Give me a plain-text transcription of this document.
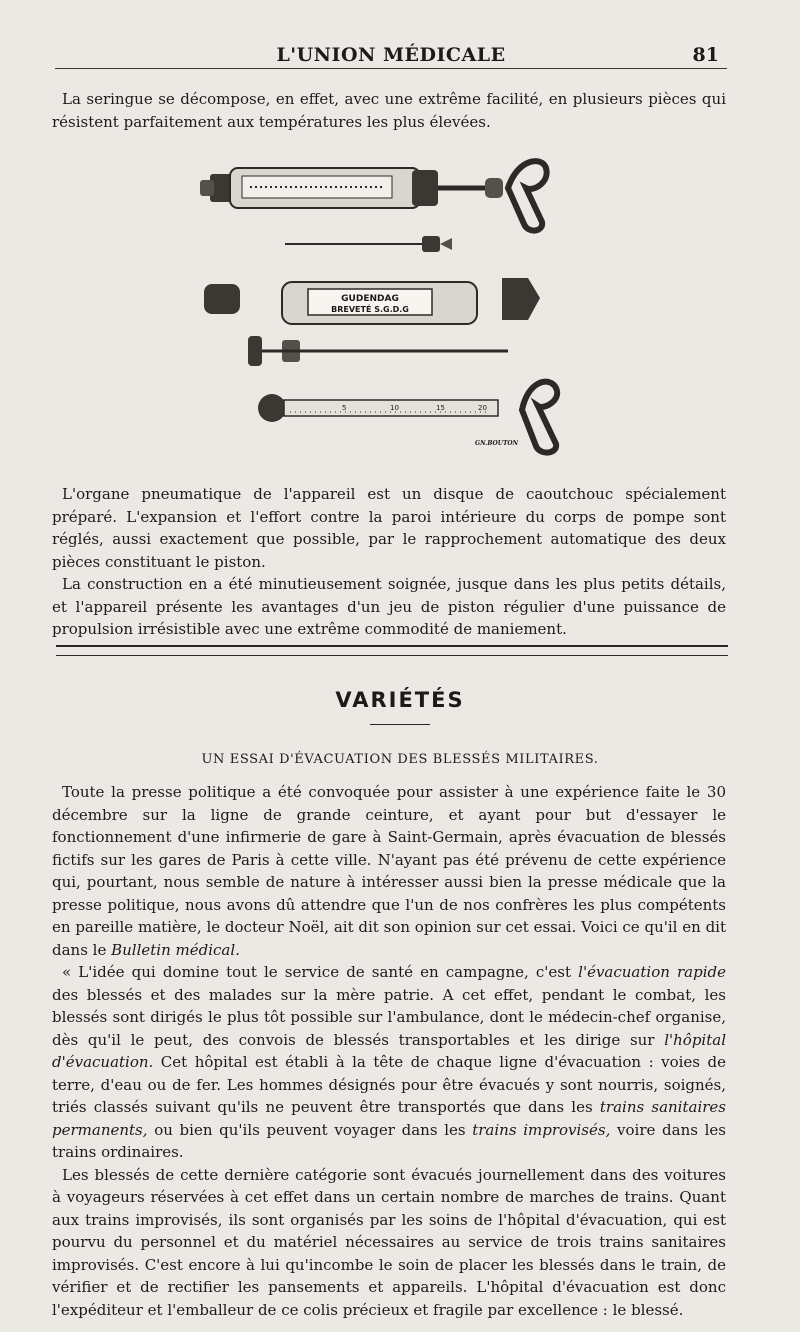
L'UNION MÉDICALE	81

La seringue se décompose, en effet, avec une extrême facilité, en plusieurs pièces qui résistent parfaitement aux températures les plus élevées.

GUDENDAG
BREVETÉ S.G.D.G
5	10	15	20
GN.BOUTON

L'organe pneumatique de l'appareil est un disque de caoutchouc spécialement préparé. L'expansion et l'effort contre la paroi intérieure du corps de pompe sont réglés, aussi exactement que possible, par le rapprochement automatique des deux pièces constituant le piston.

La construction en a été minutieusement soignée, jusque dans les plus petits détails, et l'appareil présente les avantages d'un jeu de piston régulier d'une puissance de propulsion irrésistible avec une extrême commodité de maniement.

VARIÉTÉS
UN ESSAI D'ÉVACUATION DES BLESSÉS MILITAIRES.

Toute la presse politique a été convoquée pour assister à une expérience faite le 30 décembre sur la ligne de grande ceinture, et ayant pour but d'essayer le fonctionnement d'une infirmerie de gare à Saint-Germain, après évacuation de blessés fictifs sur les gares de Paris à cette ville. N'ayant pas été prévenu de cette expérience qui, pourtant, nous semble de nature à intéresser aussi bien la presse médicale que la presse politique, nous avons dû attendre que l'un de nos confrères les plus compétents en pareille matière, le docteur Noël, ait dit son opinion sur cet essai. Voici ce qu'il en dit dans le Bulletin médical.

« L'idée qui domine tout le service de santé en campagne, c'est l'évacuation rapide des blessés et des malades sur la mère patrie. A cet effet, pendant le combat, les blessés sont dirigés le plus tôt possible sur l'ambulance, dont le médecin-chef organise, dès qu'il le peut, des convois de blessés transportables et les dirige sur l'hôpital d'évacuation. Cet hôpital est établi à la tête de chaque ligne d'évacuation : voies de terre, d'eau ou de fer. Les hommes désignés pour être évacués y sont nourris, soignés, triés classés suivant qu'ils ne peuvent être transportés que dans les trains sanitaires permanents, ou bien qu'ils peuvent voyager dans les trains improvisés, voire dans les trains ordinaires.

Les blessés de cette dernière catégorie sont évacués journellement dans des voitures à voyageurs réservées à cet effet dans un certain nombre de marches de trains. Quant aux trains improvisés, ils sont organisés par les soins de l'hôpital d'évacuation, qui est pourvu du personnel et du matériel nécessaires au service de trois trains sanitaires improvisés. C'est encore à lui qu'incombe le soin de placer les blessés dans le train, de vérifier et de rectifier les pansements et appareils. L'hôpital d'évacuation est donc l'expéditeur et l'emballeur de ce colis précieux et fragile par excellence : le blessé.
